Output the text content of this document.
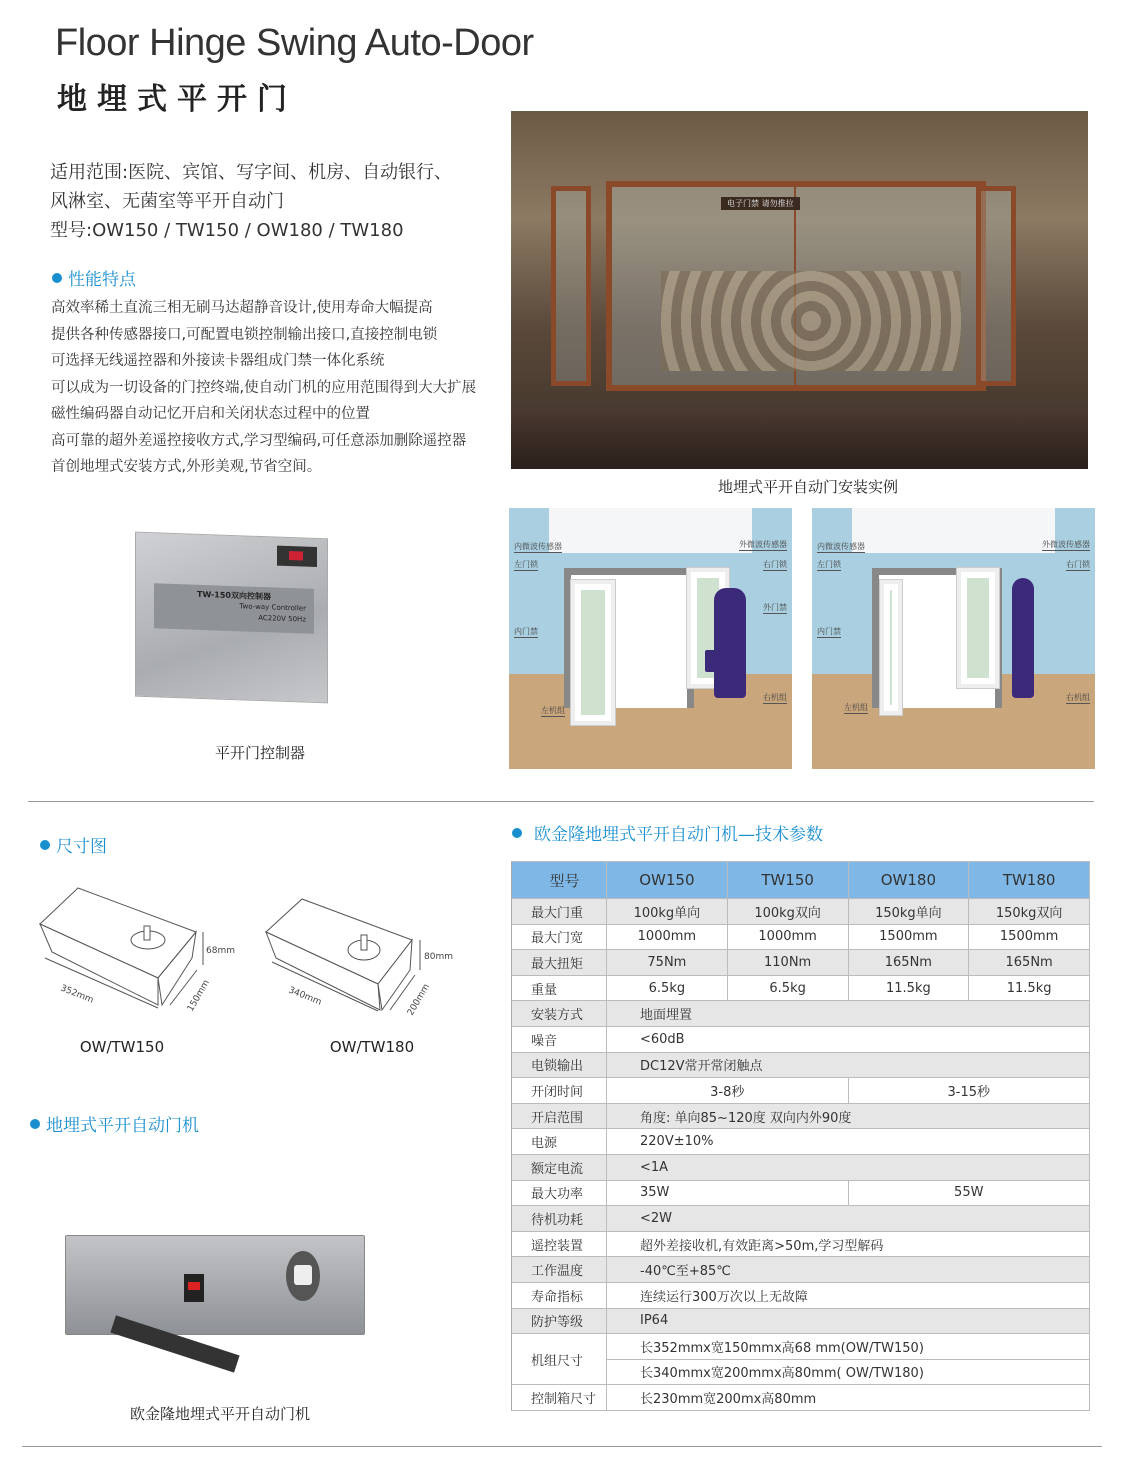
Floor Hinge Swing Auto-Door
地埋式平开门
适用范围:医院、宾馆、写字间、机房、自动银行、
风淋室、无菌室等平开自动门
型号:OW150 / TW150 / OW180 / TW180
性能特点
高效率稀土直流三相无刷马达超静音设计,使用寿命大幅提高
提供各种传感器接口,可配置电锁控制输出接口,直接控制电锁
可选择无线遥控器和外接读卡器组成门禁一体化系统
可以成为一切设备的门控终端,使自动门机的应用范围得到大大扩展
磁性编码器自动记忆开启和关闭状态过程中的位置
高可靠的超外差遥控接收方式,学习型编码,可任意添加删除遥控器
首创地埋式安装方式,外形美观,节省空间。
电子门禁 请勿推拉
地埋式平开自动门安装实例
内微波传感器	外微波传感器
左门锁	右门锁
外门禁
内门禁
左机组
右机组
内微波传感器	外微波传感器
左门锁	右门锁
内门禁
左机组
右机组
TW-150双向控制器
Two-way Controller
AC220V 50Hz
平开门控制器
尺寸图
68mm
352mm	150mm
80mm
340mm	200mm
OW/TW150	OW/TW180
地埋式平开自动门机
欧金隆地埋式平开自动门机
欧金隆地埋式平开自动门机—技术参数
型号	OW150	TW150	OW180	TW180
最大门重	100kg单向	100kg双向	150kg单向	150kg双向
最大门宽	1000mm	1000mm	1500mm	1500mm
最大扭矩	75Nm	110Nm	165Nm	165Nm
重量	6.5kg	6.5kg	11.5kg	11.5kg
安装方式	地面埋置			
噪音	<60dB			
电锁输出	DC12V常开常闭触点			
开闭时间	3-8秒		3-15秒	
开启范围	角度: 单向85~120度 双向内外90度			
电源	220V±10%			
额定电流	<1A			
最大功率	35W		55W	
待机功耗	<2W			
遥控装置	超外差接收机,有效距离>50m,学习型解码			
工作温度	-40℃至+85℃			
寿命指标	连续运行300万次以上无故障			
防护等级	IP64			
机组尺寸	长352mmx宽150mmx高68 mm(OW/TW150)			
	长340mmx宽200mmx高80mm( OW/TW180)			
控制箱尺寸	长230mm宽200mx高80mm			
